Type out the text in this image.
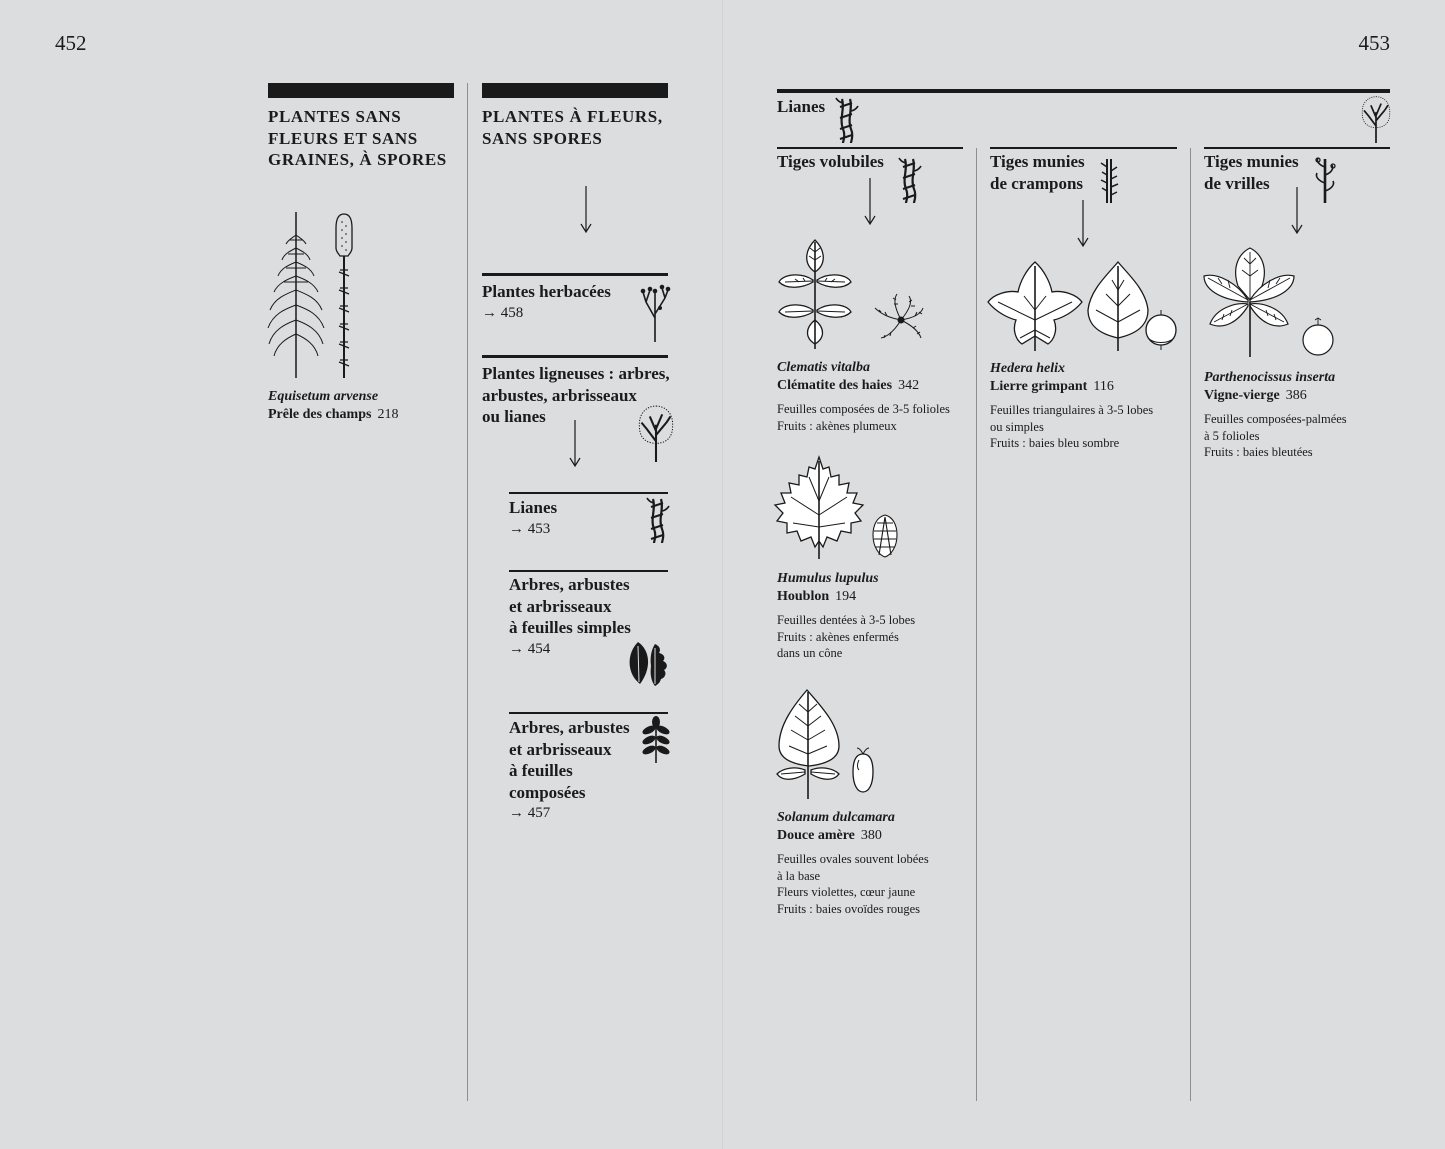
452	453
PLANTES SANS
FLEURS ET SANS
GRAINES, À SPORES
Equisetum arvense
Prêle des champs 218
PLANTES À FLEURS,
SANS SPORES
Plantes herbacées
→ 458
Plantes ligneuses : arbres,
arbustes, arbrisseaux
ou lianes
Lianes
→ 453
Arbres, arbustes
et arbrisseaux
à feuilles simples
→ 454
Arbres, arbustes
et arbrisseaux
à feuilles
composées
→ 457
Lianes
Tiges volubiles	Tiges munies
de crampons
Tiges munies
de vrilles
Clematis vitalba
Clématite des haies 342
Feuilles composées de 3-5 folioles
Fruits : akènes plumeux
Humulus lupulus
Houblon 194
Feuilles dentées à 3-5 lobes
Fruits : akènes enfermés
dans un cône
Solanum dulcamara
Douce amère 380
Feuilles ovales souvent lobées
à la base
Fleurs violettes, cœur jaune
Fruits : baies ovoïdes rouges
Hedera helix
Lierre grimpant 116
Feuilles triangulaires à 3-5 lobes
ou simples
Fruits : baies bleu sombre
Parthenocissus inserta
Vigne-vierge 386
Feuilles composées-palmées
à 5 folioles
Fruits : baies bleutées
